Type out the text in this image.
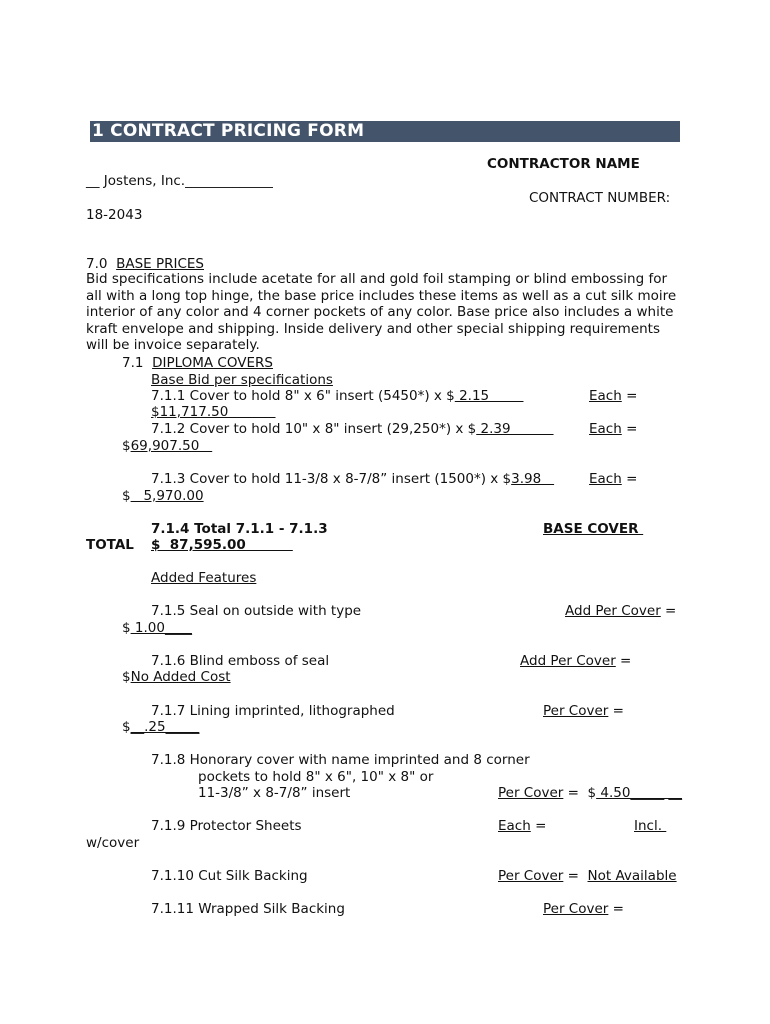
1 CONTRACT PRICING FORM
CONTRACTOR NAME
__ Jostens, Inc._____________
CONTRACT NUMBER:
18-2043
7.0 BASE PRICES
Bid specifications include acetate for all and gold foil stamping or blind embossing for all with a long top hinge, the base price includes these items as well as a cut silk moire interior of any color and 4 corner pockets of any color. Base price also includes a white kraft envelope and shipping. Inside delivery and other special shipping requirements will be invoice separately.
7.1 DIPLOMA COVERS
Base Bid per specifications
7.1.1 Cover to hold 8" x 6" insert (5450*) x $ 2.15	Each =
$11,717.50
7.1.2 Cover to hold 10" x 8" insert (29,250*) x $ 2.39	Each =
$69,907.50
7.1.3 Cover to hold 11-3/8 x 8-7/8” insert (1500*) x $3.98	Each =
$   5,970.00
7.1.4 Total 7.1.1 - 7.1.3	BASE COVER
TOTAL $  87,595.00
Added Features
7.1.5 Seal on outside with type	Add Per Cover =
$ 1.00____
7.1.6 Blind emboss of seal	Add Per Cover =
$No Added Cost
7.1.7 Lining imprinted, lithographed	Per Cover =
$__.25_____
7.1.8 Honorary cover with name imprinted and 8 corner
pockets to hold 8" x 6", 10" x 8" or
11-3/8” x 8-7/8” insert	Per Cover =  $ 4.50_____ __
7.1.9 Protector Sheets	Each =	Incl.
w/cover
7.1.10 Cut Silk Backing	Per Cover =  Not Available
7.1.11 Wrapped Silk Backing	Per Cover =
